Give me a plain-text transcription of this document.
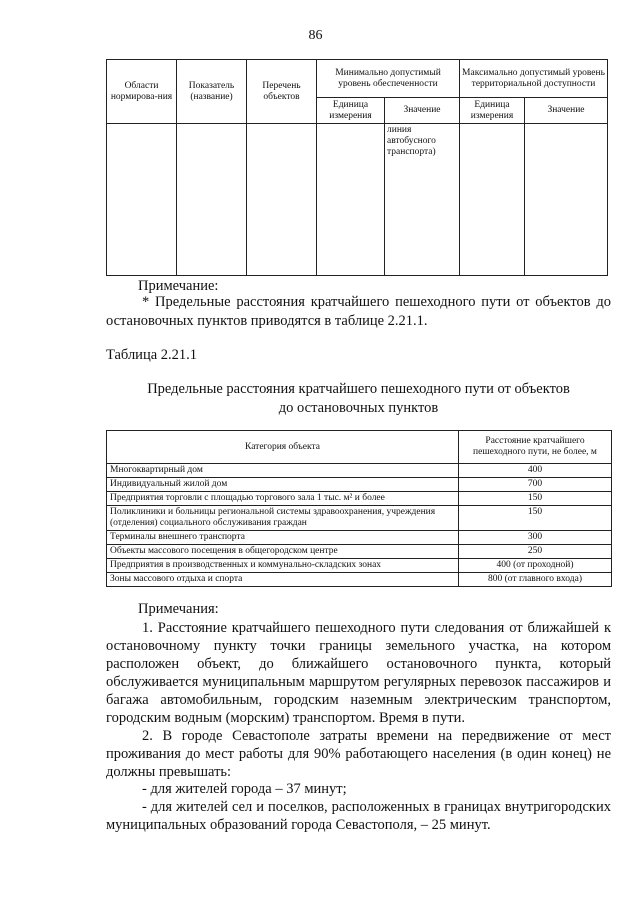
86
Области нормирова-ния	Показатель (название)	Перечень объектов	Минимально допустимый уровень обеспеченности		Максимально допустимый уровень территориальной доступности	
			Единица измерения	Значение	Единица измерения	Значение
				линия автобусного транспорта)		
Примечание:
* Предельные расстояния кратчайшего пешеходного пути от объектов до остановочных пунктов приводятся в таблице 2.21.1.
Таблица 2.21.1
Предельные расстояния кратчайшего пешеходного пути от объектов
до остановочных пунктов
Категория объекта	Расстояние кратчайшего пешеходного пути, не более, м
Многоквартирный дом	400
Индивидуальный жилой дом	700
Предприятия торговли с площадью торгового зала 1 тыс. м² и более	150
Поликлиники и больницы региональной системы здравоохранения, учреждения (отделения) социального обслуживания граждан	150
Терминалы внешнего транспорта	300
Объекты массового посещения в общегородском центре	250
Предприятия в производственных и коммунально-складских зонах	400 (от проходной)
Зоны массового отдыха и спорта	800 (от главного входа)
Примечания:
1. Расстояние кратчайшего пешеходного пути следования от ближайшей к остановочному пункту точки границы земельного участка, на котором расположен объект, до ближайшего остановочного пункта, который обслуживается муниципальным маршрутом регулярных перевозок пассажиров и багажа автомобильным, городским наземным электрическим транспортом, городским водным (морским) транспортом. Время в пути.
2. В городе Севастополе затраты времени на передвижение от мест проживания до мест работы для 90% работающего населения (в один конец) не должны превышать:
- для жителей города – 37 минут;
- для жителей сел и поселков, расположенных в границах внутригородских муниципальных образований города Севастополя, – 25 минут.
